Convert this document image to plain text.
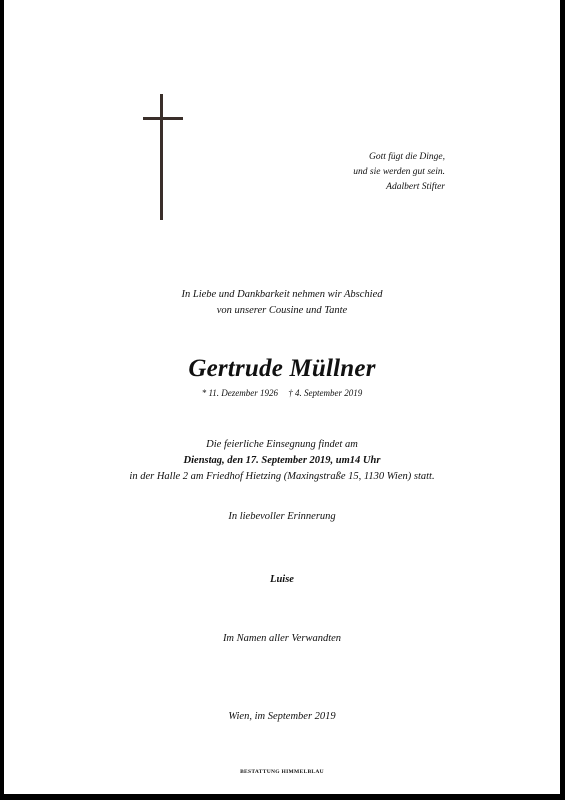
Gott fügt die Dinge,
und sie werden gut sein.
Adalbert Stifter
In Liebe und Dankbarkeit nehmen wir Abschied
von unserer Cousine und Tante
Gertrude Müllner
* 11. Dezember 1926 † 4. September 2019
Die feierliche Einsegnung findet am
Dienstag, den 17. September 2019, um14 Uhr
in der Halle 2 am Friedhof Hietzing (Maxingstraße 15, 1130 Wien) statt.
In liebevoller Erinnerung
Luise
Im Namen aller Verwandten
Wien, im September 2019
BESTATTUNG HIMMELBLAU
